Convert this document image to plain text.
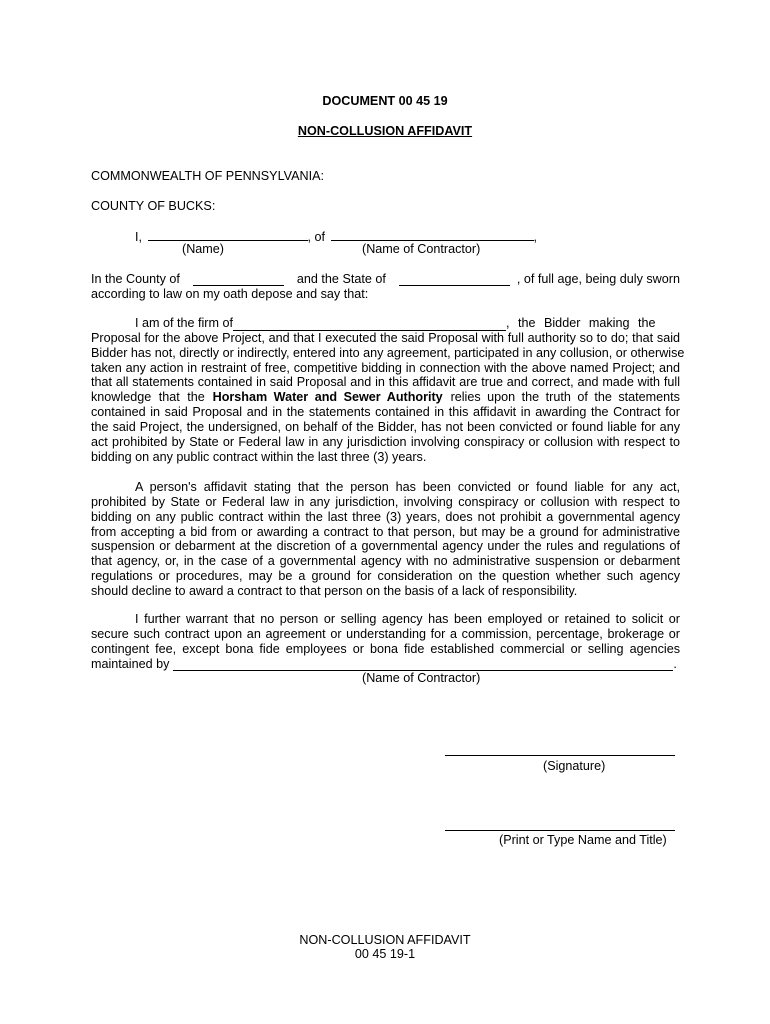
DOCUMENT 00 45 19
NON-COLLUSION AFFIDAVIT
COMMONWEALTH OF PENNSYLVANIA:
COUNTY OF BUCKS:
I,	, of	,
(Name)	(Name of Contractor)
In the County of	and the State of	, of full age, being duly sworn
according to law on my oath depose and say that:
I am of the firm of	, the Bidder making the
Proposal for the above Project, and that I executed the said Proposal with full authority so to do; that said
Bidder has not, directly or indirectly, entered into any agreement, participated in any collusion, or otherwise
taken any action in restraint of free, competitive bidding in connection with the above named Project; and
that all statements contained in said Proposal and in this affidavit are true and correct, and made with full
knowledge that the Horsham Water and Sewer Authority relies upon the truth of the statements
contained in said Proposal and in the statements contained in this affidavit in awarding the Contract for
the said Project, the undersigned, on behalf of the Bidder, has not been convicted or found liable for any
act prohibited by State or Federal law in any jurisdiction involving conspiracy or collusion with respect to
bidding on any public contract within the last three (3) years.
A person's affidavit stating that the person has been convicted or found liable for any act,
prohibited by State or Federal law in any jurisdiction, involving conspiracy or collusion with respect to
bidding on any public contract within the last three (3) years, does not prohibit a governmental agency
from accepting a bid from or awarding a contract to that person, but may be a ground for administrative
suspension or debarment at the discretion of a governmental agency under the rules and regulations of
that agency, or, in the case of a governmental agency with no administrative suspension or debarment
regulations or procedures, may be a ground for consideration on the question whether such agency
should decline to award a contract to that person on the basis of a lack of responsibility.
I further warrant that no person or selling agency has been employed or retained to solicit or
secure such contract upon an agreement or understanding for a commission, percentage, brokerage or
contingent fee, except bona fide employees or bona fide established commercial or selling agencies
maintained by	.
(Name of Contractor)
(Signature)
(Print or Type Name and Title)
NON-COLLUSION AFFIDAVIT
00 45 19-1
